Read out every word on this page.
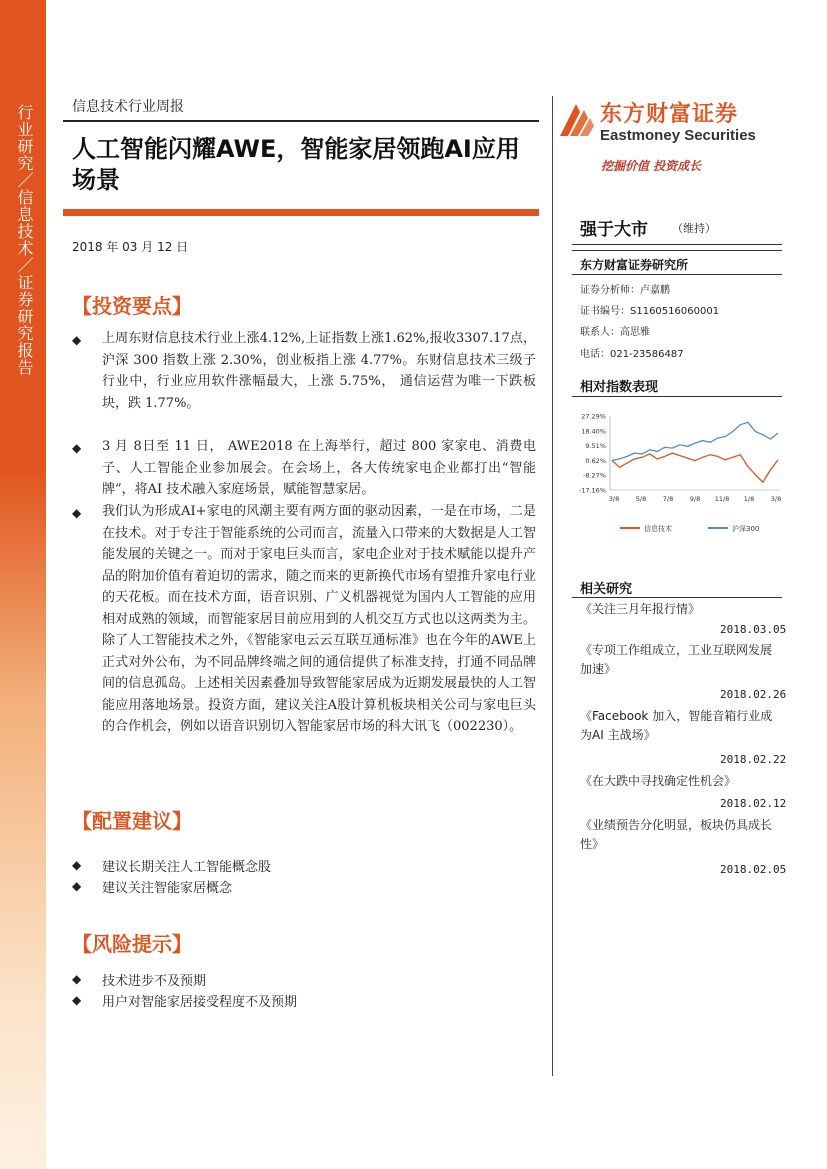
行业研究／信息技术／证券研究报告	信息技术行业周报
人工智能闪耀AWE，智能家居领跑AI应用场景
2018 年 03 月 12 日
【投资要点】
◆ 上周东财信息技术行业上涨4.12%,上证指数上涨1.62%,报收3307.17点，沪深 300 指数上涨 2.30%，创业板指上涨 4.77%。东财信息技术三级子行业中，行业应用软件涨幅最大，上涨 5.75%， 通信运营为唯一下跌板块，跌 1.77%。
◆ 3 月 8日至 11 日， AWE2018 在上海举行，超过 800 家家电、消费电子、人工智能企业参加展会。在会场上，各大传统家电企业都打出“智能牌”，将AI 技术融入家庭场景，赋能智慧家居。
◆ 我们认为形成AI+家电的风潮主要有两方面的驱动因素，一是在市场，二是在技术。对于专注于智能系统的公司而言，流量入口带来的大数据是人工智能发展的关键之一。而对于家电巨头而言，家电企业对于技术赋能以提升产品的附加价值有着迫切的需求，随之而来的更新换代市场有望推升家电行业的天花板。而在技术方面，语音识别、广义机器视觉为国内人工智能的应用相对成熟的领域，而智能家居目前应用到的人机交互方式也以这两类为主。除了人工智能技术之外，《智能家电云云互联互通标准》也在今年的AWE上正式对外公布，为不同品牌终端之间的通信提供了标准支持，打通不同品牌间的信息孤岛。上述相关因素叠加导致智能家居成为近期发展最快的人工智能应用落地场景。投资方面，建议关注A股计算机板块相关公司与家电巨头的合作机会，例如以语音识别切入智能家居市场的科大讯飞（002230）。
【配置建议】
◆ 建议长期关注人工智能概念股
◆ 建议关注智能家居概念
【风险提示】
◆ 技术进步不及预期
◆ 用户对智能家居接受程度不及预期
东方财富证券
Eastmoney Securities
挖掘价值 投资成长
强于大市 （维持）
东方财富证券研究所
证券分析师：卢嘉鹏
证书编号：S1160516060001
联系人：高思雅
电话：021-23586487
相对指数表现
27.29%
18.40%
9.51%
0.62%
-8.27%
-17.16%
3/8	5/8	7/8	9/8 11/8 1/8	3/8
信息技术	沪深300
相关研究
《关注三月年报行情》
2018.03.05
《专项工作组成立，工业互联网发展加速》
2018.02.26
《Facebook 加入，智能音箱行业成为AI 主战场》
2018.02.22
《在大跌中寻找确定性机会》
2018.02.12
《业绩预告分化明显，板块仍具成长性》
2018.02.05
